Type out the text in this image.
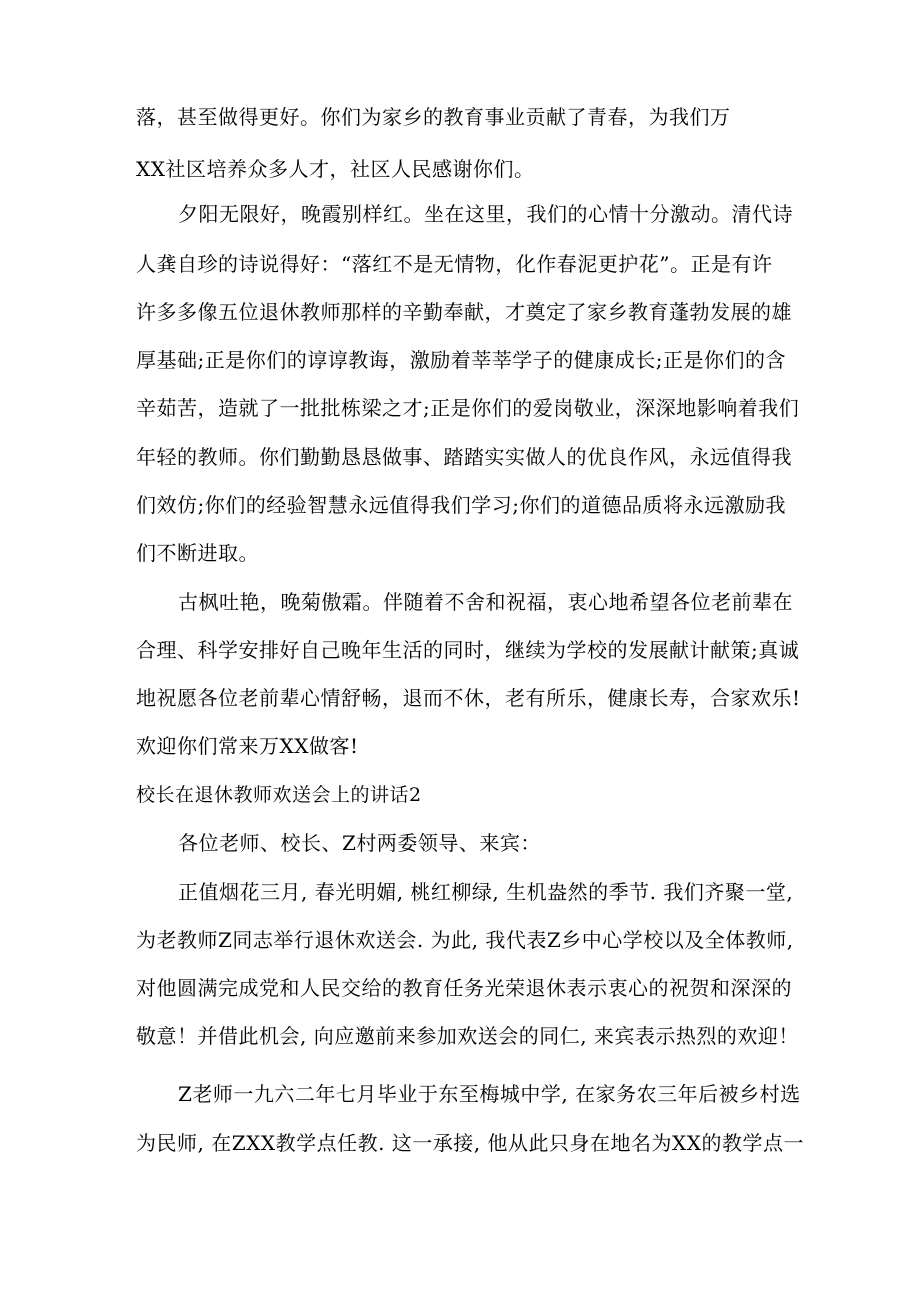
落，甚至做得更好。你们为家乡的教育事业贡献了青春，为我们万
XX社区培养众多人才，社区人民感谢你们。
夕阳无限好，晚霞别样红。坐在这里，我们的心情十分激动。清代诗
人龚自珍的诗说得好：“落红不是无情物，化作春泥更护花”。正是有许
许多多像五位退休教师那样的辛勤奉献，才奠定了家乡教育蓬勃发展的雄
厚基础;正是你们的谆谆教诲，激励着莘莘学子的健康成长;正是你们的含
辛茹苦，造就了一批批栋梁之才;正是你们的爱岗敬业，深深地影响着我们
年轻的教师。你们勤勤恳恳做事、踏踏实实做人的优良作风，永远值得我
们效仿;你们的经验智慧永远值得我们学习;你们的道德品质将永远激励我
们不断进取。
古枫吐艳，晚菊傲霜。伴随着不舍和祝福，衷心地希望各位老前辈在
合理、科学安排好自己晚年生活的同时，继续为学校的发展献计献策;真诚
地祝愿各位老前辈心情舒畅，退而不休，老有所乐，健康长寿，合家欢乐!
欢迎你们常来万XX做客!
校长在退休教师欢送会上的讲话2
各位老师、校长、Z村两委领导、来宾：
正值烟花三月, 春光明媚, 桃红柳绿, 生机盎然的季节. 我们齐聚一堂,
为老教师Z同志举行退休欢送会. 为此, 我代表Z乡中心学校以及全体教师,
对他圆满完成党和人民交给的教育任务光荣退休表示衷心的祝贺和深深的
敬意！并借此机会, 向应邀前来参加欢送会的同仁, 来宾表示热烈的欢迎！
Z老师一九六二年七月毕业于东至梅城中学, 在家务农三年后被乡村选
为民师, 在ZXX教学点任教. 这一承接, 他从此只身在地名为XX的教学点一
